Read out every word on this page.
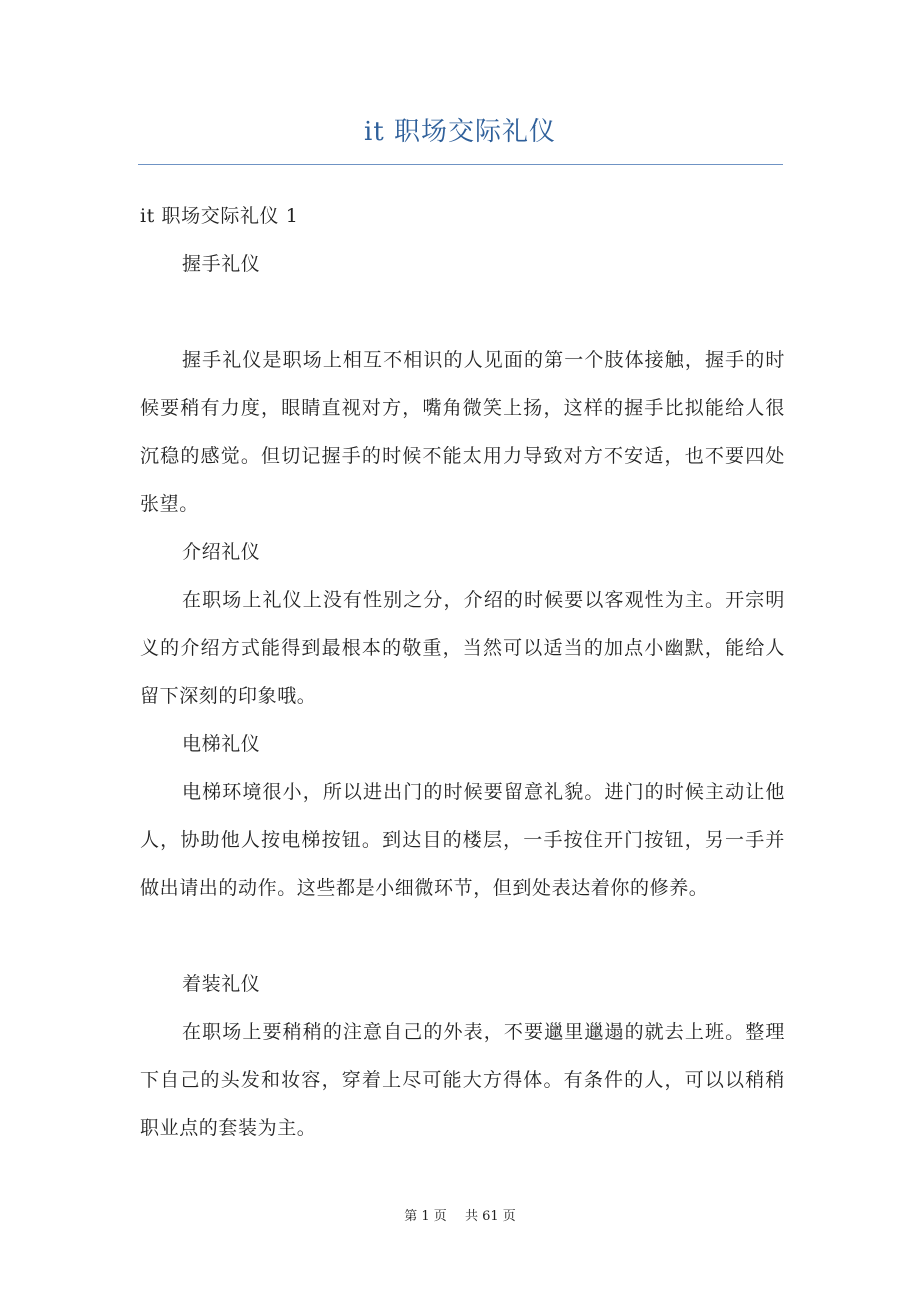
it 职场交际礼仪
it 职场交际礼仪 1
握手礼仪

握手礼仪是职场上相互不相识的人见面的第一个肢体接触，握手的时候要稍有力度，眼睛直视对方，嘴角微笑上扬，这样的握手比拟能给人很沉稳的感觉。但切记握手的时候不能太用力导致对方不安适，也不要四处张望。

介绍礼仪

在职场上礼仪上没有性别之分，介绍的时候要以客观性为主。开宗明义的介绍方式能得到最根本的敬重，当然可以适当的加点小幽默，能给人留下深刻的印象哦。

电梯礼仪

电梯环境很小，所以进出门的时候要留意礼貌。进门的时候主动让他人，协助他人按电梯按钮。到达目的楼层，一手按住开门按钮，另一手并做出请出的动作。这些都是小细微环节，但到处表达着你的修养。

着装礼仪

在职场上要稍稍的注意自己的外表，不要邋里邋遢的就去上班。整理下自己的头发和妆容，穿着上尽可能大方得体。有条件的人，可以以稍稍职业点的套装为主。

第 1 页 共 61 页
